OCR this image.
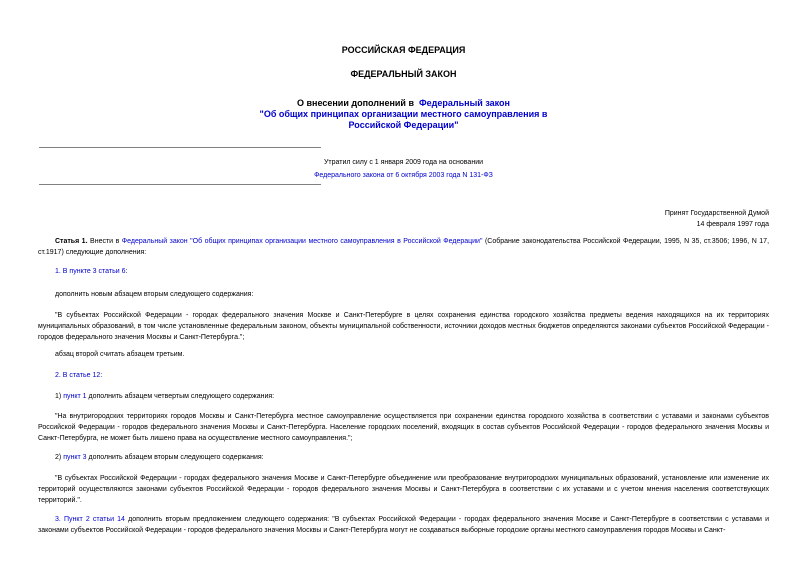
РОССИЙСКАЯ ФЕДЕРАЦИЯ
ФЕДЕРАЛЬНЫЙ ЗАКОН
О внесении дополнений в Федеральный закон
"Об общих принципах организации местного самоуправления в
Российской Федерации"
Утратил силу с 1 января 2009 года на основании
Федерального закона от 6 октября 2003 года N 131-ФЗ
Принят Государственной Думой
14 февраля 1997 года
Статья 1. Внести в Федеральный закон "Об общих принципах организации местного самоуправления в Российской Федерации" (Собрание законодательства Российской Федерации, 1995, N 35, ст.3506; 1996, N 17, ст.1917) следующие дополнения:
1. В пункте 3 статьи 6:
дополнить новым абзацем вторым следующего содержания:
"В субъектах Российской Федерации - городах федерального значения Москве и Санкт-Петербурге в целях сохранения единства городского хозяйства предметы ведения находящихся на их территориях муниципальных образований, в том числе установленные федеральным законом, объекты муниципальной собственности, источники доходов местных бюджетов определяются законами субъектов Российской Федерации - городов федерального значения Москвы и Санкт-Петербурга.";
абзац второй считать абзацем третьим.
2. В статье 12:
1) пункт 1 дополнить абзацем четвертым следующего содержания:
"На внутригородских территориях городов Москвы и Санкт-Петербурга местное самоуправление осуществляется при сохранении единства городского хозяйства в соответствии с уставами и законами субъектов Российской Федерации - городов федерального значения Москвы и Санкт-Петербурга. Население городских поселений, входящих в состав субъектов Российской Федерации - городов федерального значения Москвы и Санкт-Петербурга, не может быть лишено права на осуществление местного самоуправления.";
2) пункт 3 дополнить абзацем вторым следующего содержания:
"В субъектах Российской Федерации - городах федерального значения Москве и Санкт-Петербурге объединение или преобразование внутригородских муниципальных образований, установление или изменение их территорий осуществляются законами субъектов Российской Федерации - городов федерального значения Москвы и Санкт-Петербурга в соответствии с их уставами и с учетом мнения населения соответствующих территорий.".
3. Пункт 2 статьи 14 дополнить вторым предложением следующего содержания: "В субъектах Российской Федерации - городах федерального значения Москве и Санкт-Петербурге в соответствии с уставами и законами субъектов Российской Федерации - городов федерального значения Москвы и Санкт-Петербурга могут не создаваться выборные городские органы местного самоуправления городов Москвы и Санкт-
